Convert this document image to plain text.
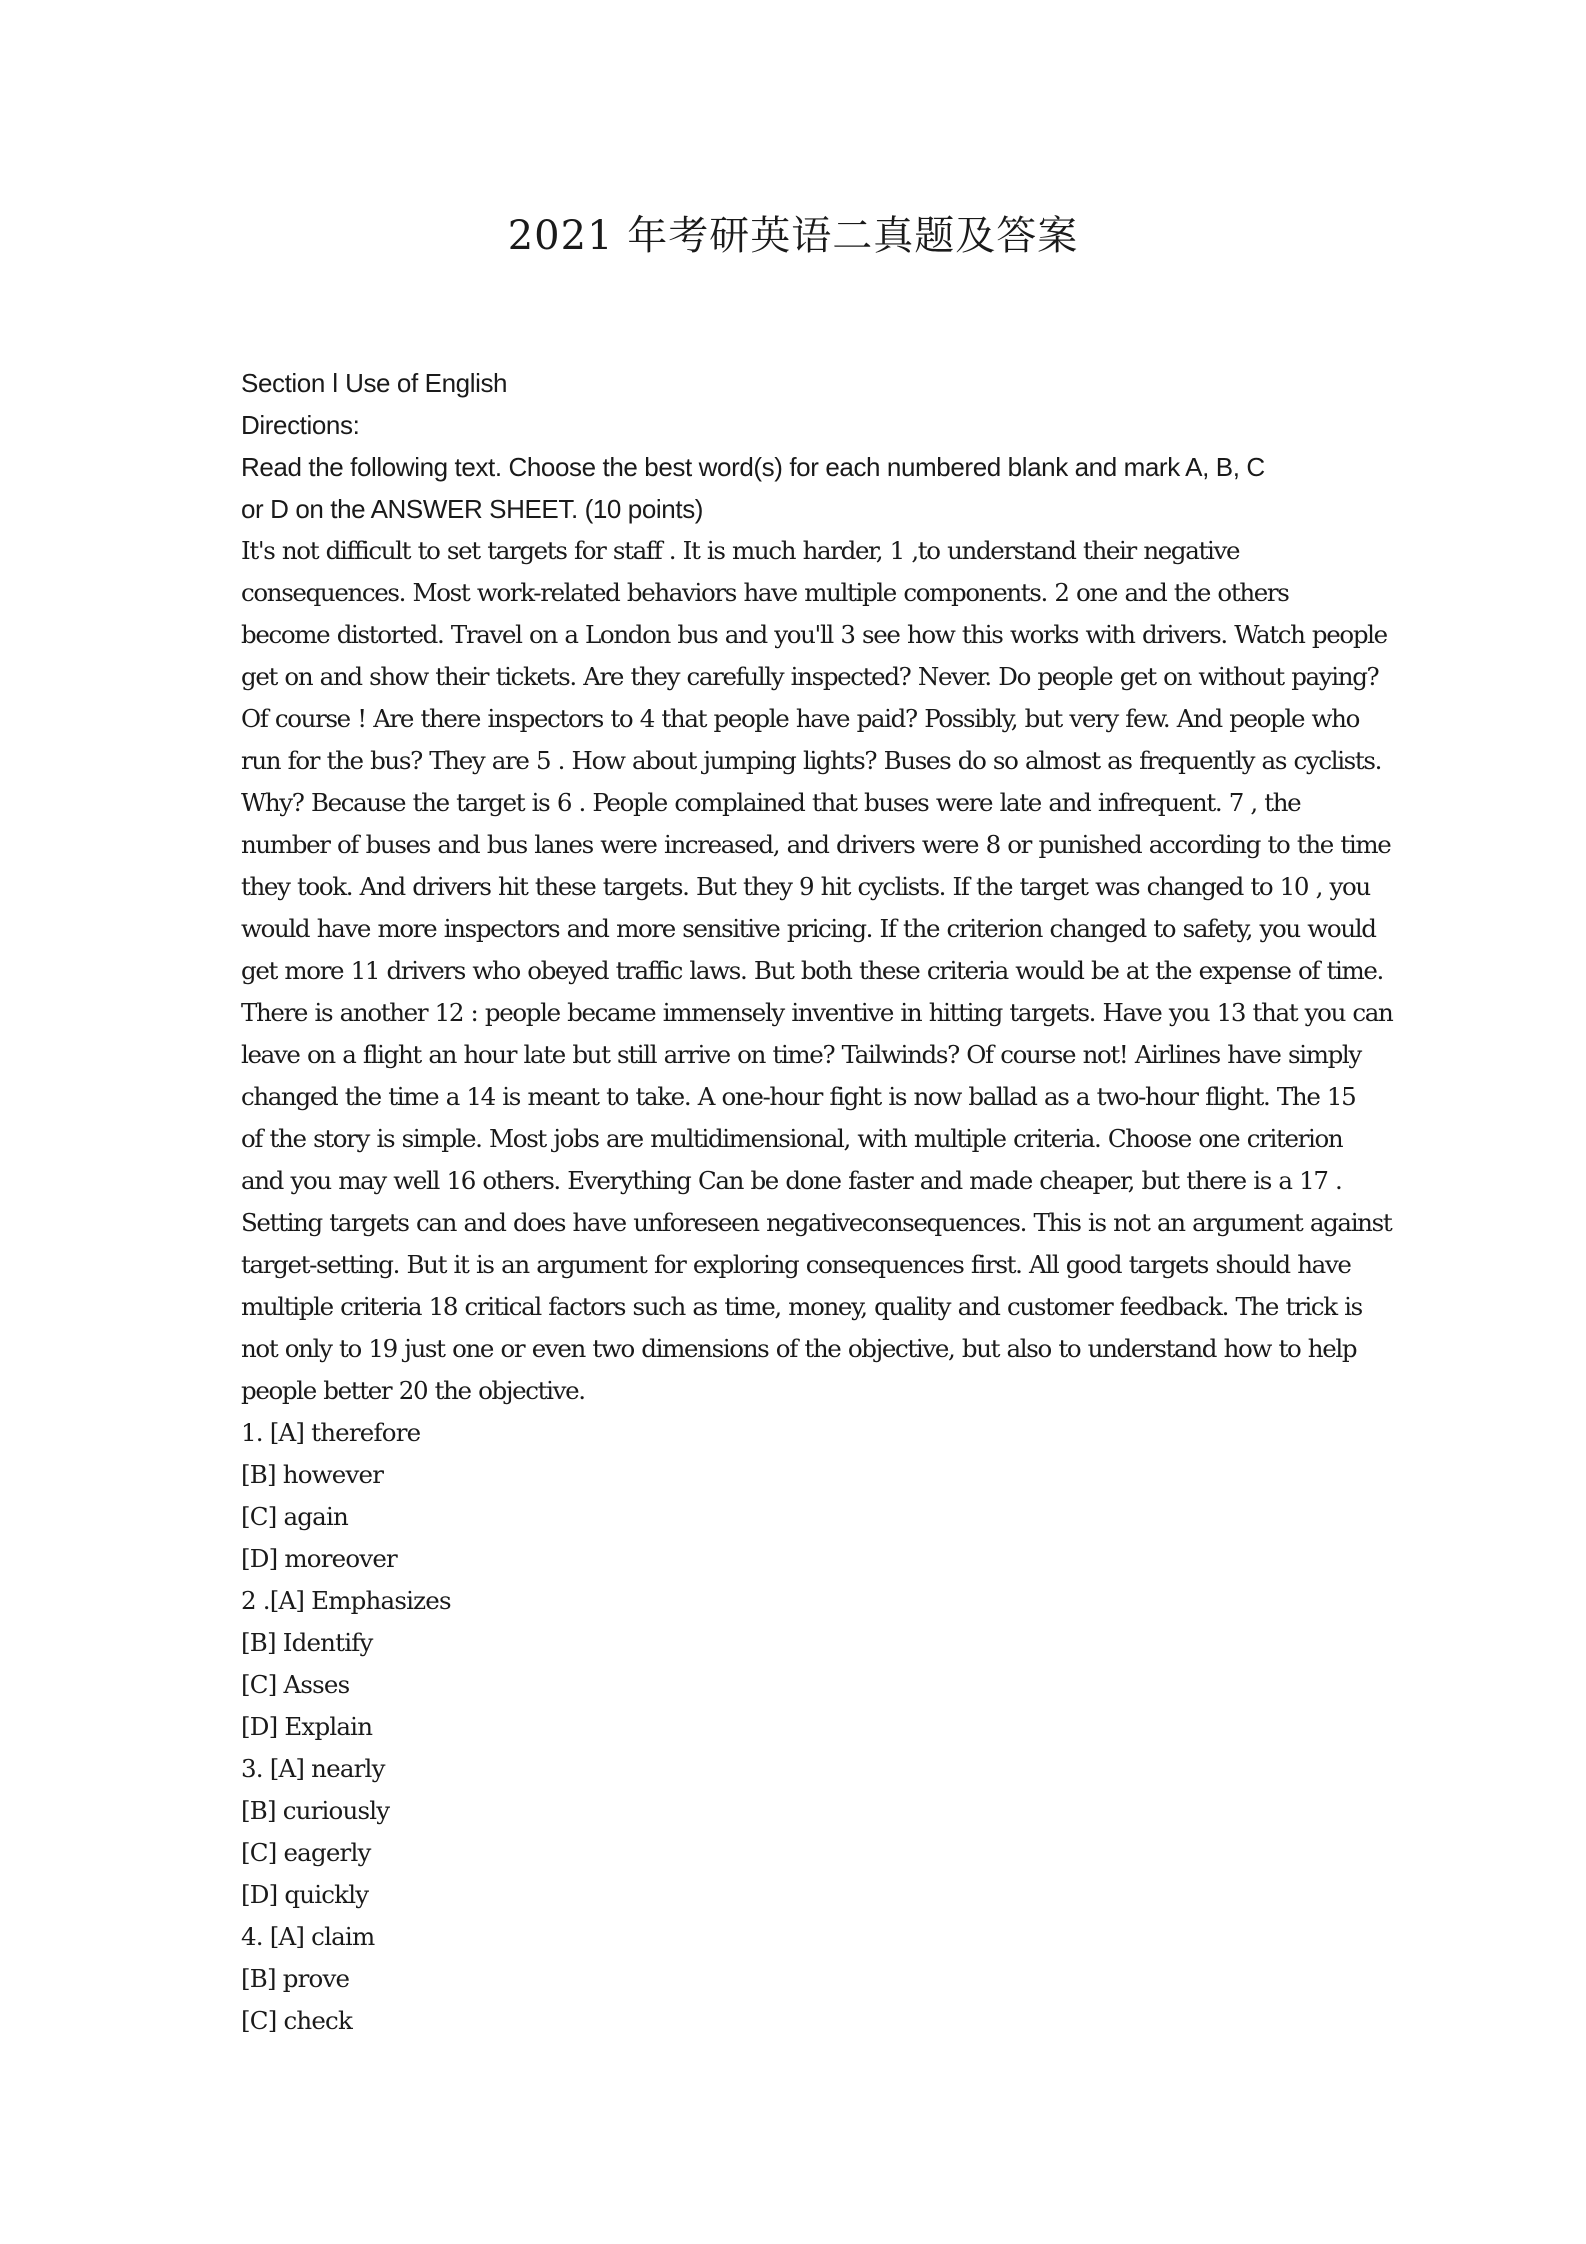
2021 年考研英语二真题及答案
Section Ⅰ Use of English
Directions:
Read the following text. Choose the best word(s) for each numbered blank and mark A, B, C
or D on the ANSWER SHEET. (10 points)
It's not difficult to set targets for staff . It is much harder, 1 ,to understand their negative
consequences. Most work-related behaviors have multiple components. 2 one and the others
become distorted. Travel on a London bus and you'll 3 see how this works with drivers. Watch people
get on and show their tickets. Are they carefully inspected? Never. Do people get on without paying?
Of course ! Are there inspectors to 4 that people have paid? Possibly, but very few. And people who
run for the bus? They are 5 . How about jumping lights? Buses do so almost as frequently as cyclists.
Why? Because the target is 6 . People complained that buses were late and infrequent. 7 , the
number of buses and bus lanes were increased, and drivers were 8 or punished according to the time
they took. And drivers hit these targets. But they 9 hit cyclists. If the target was changed to 10 , you
would have more inspectors and more sensitive pricing. If the criterion changed to safety, you would
get more 11 drivers who obeyed traffic laws. But both these criteria would be at the expense of time.
There is another 12 : people became immensely inventive in hitting targets. Have you 13 that you can
leave on a flight an hour late but still arrive on time? Tailwinds? Of course not! Airlines have simply
changed the time a 14 is meant to take. A one-hour fight is now ballad as a two-hour flight. The 15
of the story is simple. Most jobs are multidimensional, with multiple criteria. Choose one criterion
and you may well 16 others. Everything Can be done faster and made cheaper, but there is a 17 .
Setting targets can and does have unforeseen negativeconsequences. This is not an argument against
target-setting. But it is an argument for exploring consequences first. All good targets should have
multiple criteria 18 critical factors such as time, money, quality and customer feedback. The trick is
not only to 19 just one or even two dimensions of the objective, but also to understand how to help
people better 20 the objective.
1. [A] therefore
[B] however
[C] again
[D] moreover
2 .[A] Emphasizes
[B] Identify
[C] Asses
[D] Explain
3. [A] nearly
[B] curiously
[C] eagerly
[D] quickly
4. [A] claim
[B] prove
[C] check
